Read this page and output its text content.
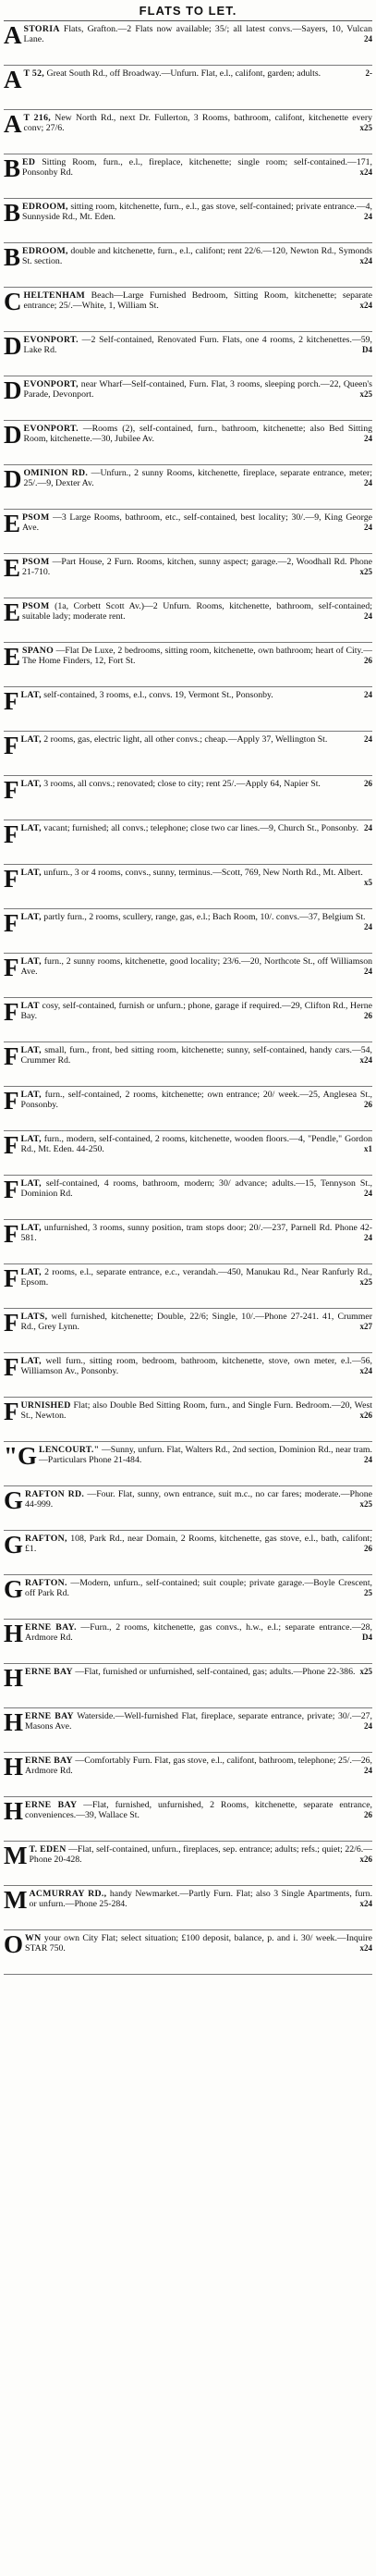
FLATS TO LET.
ASTORIA Flats, Grafton.—2 Flats now available; 35/; all latest convs.—Sayers, 10, Vulcan Lane.	24
A T 52, Great South Rd., off Broadway.—Unfurn. Flat, e.l., califont, garden; adults.	2-
A T 216, New North Rd., next Dr. Fullerton, 3 Rooms, bathroom, califont, kitchenette every conv; 27/6.	x25
BED Sitting Room, furn., e.l., fireplace, kitchenette; single room; self-contained.—171, Ponsonby Rd.	x24
BEDROOM, sitting room, kitchenette, furn., e.l., gas stove, self-contained; private entrance.—4, Sunnyside Rd., Mt. Eden.	24
BEDROOM, double and kitchenette, furn., e.l., califont; rent 22/6.—120, Newton Rd., Symonds St. section.	x24
CHELTENHAM Beach—Large Furnished Bedroom, Sitting Room, kitchenette; separate entrance; 25/.—White, 1, William St.	x24
DEVONPORT. —2 Self-contained, Renovated Furn. Flats, one 4 rooms, 2 kitchenettes.—59, Lake Rd.	D4
DEVONPORT, near Wharf—Self-contained, Furn. Flat, 3 rooms, sleeping porch.—22, Queen's Parade, Devonport.	x25
DEVONPORT. —Rooms (2), self-contained, furn., bathroom, kitchenette; also Bed Sitting Room, kitchenette.—30, Jubilee Av.	24
DOMINION RD. —Unfurn., 2 sunny Rooms, kitchenette, fireplace, separate entrance, meter; 25/.—9, Dexter Av.	24
EPSOM —3 Large Rooms, bathroom, etc., self-contained, best locality; 30/.—9, King George Ave.	24
EPSOM —Part House, 2 Furn. Rooms, kitchen, sunny aspect; garage.—2, Woodhall Rd. Phone 21-710.	x25
EPSOM (1a, Corbett Scott Av.)—2 Unfurn. Rooms, kitchenette, bathroom, self-contained; suitable lady; moderate rent.	24
ESPANO —Flat De Luxe, 2 bedrooms, sitting room, kitchenette, own bathroom; heart of City.—The Home Finders, 12, Fort St.	26
FLAT, self-contained, 3 rooms, e.l., convs. 19, Vermont St., Ponsonby.	24
FLAT, 2 rooms, gas, electric light, all other convs.; cheap.—Apply 37, Wellington St.	24
FLAT, 3 rooms, all convs.; renovated; close to city; rent 25/.—Apply 64, Napier St.	26
FLAT, vacant; furnished; all convs.; telephone; close two car lines.—9, Church St., Ponsonby. 24
FLAT, unfurn., 3 or 4 rooms, convs., sunny, terminus.—Scott, 769, New North Rd., Mt. Albert.
x5
FLAT, partly furn., 2 rooms, scullery, range, gas, e.l.; Bach Room, 10/. convs.—37, Belgium St.
24
FLAT, furn., 2 sunny rooms, kitchenette, good locality; 23/6.—20, Northcote St., off Williamson Ave.	24
FLAT cosy, self-contained, furnish or unfurn.; phone, garage if required.—29, Clifton Rd., Herne Bay.	26
FLAT, small, furn., front, bed sitting room, kitchenette; sunny, self-contained, handy cars.—54, Crummer Rd.	x24
FLAT, furn., self-contained, 2 rooms, kitchenette; own entrance; 20/ week.—25, Anglesea St., Ponsonby.	26
FLAT, furn., modern, self-contained, 2 rooms, kitchenette, wooden floors.—4, "Pendle," Gordon Rd., Mt. Eden. 44-250.	x1
FLAT, self-contained, 4 rooms, bathroom, modern; 30/ advance; adults.—15, Tennyson St., Dominion Rd.	24
FLAT, unfurnished, 3 rooms, sunny position, tram stops door; 20/.—237, Parnell Rd. Phone 42-581.	24
FLAT, 2 rooms, e.l., separate entrance, e.c., verandah.—450, Manukau Rd., Near Ranfurly Rd., Epsom.	x25
FLATS, well furnished, kitchenette; Double, 22/6; Single, 10/.—Phone 27-241. 41, Crummer Rd., Grey Lynn.	x27
FLAT, well furn., sitting room, bedroom, bathroom, kitchenette, stove, own meter, e.l.—56, Williamson Av., Ponsonby.	x24
FURNISHED Flat; also Double Bed Sitting Room, furn., and Single Furn. Bedroom.—20, West St., Newton.	x26
"GLENCOURT." —Sunny, unfurn. Flat, Walters Rd., 2nd section, Dominion Rd., near tram.—Particulars Phone 21-484.	24
GRAFTON RD. —Four. Flat, sunny, own entrance, suit m.c., no car fares; moderate.—Phone 44-999.	x25
GRAFTON, 108, Park Rd., near Domain, 2 Rooms, kitchenette, gas stove, e.l., bath, califont; £1.	26
GRAFTON. —Modern, unfurn., self-contained; suit couple; private garage.—Boyle Crescent, off Park Rd.	25
HERNE BAY. —Furn., 2 rooms, kitchenette, gas convs., h.w., e.l.; separate entrance.—28, Ardmore Rd.	D4
HERNE BAY —Flat, furnished or unfurnished, self-contained, gas; adults.—Phone 22-386. x25
HERNE BAY Waterside.—Well-furnished Flat, fireplace, separate entrance, private; 30/.—27, Masons Ave.	24
HERNE BAY —Comfortably Furn. Flat, gas stove, e.l., califont, bathroom, telephone; 25/.—26, Ardmore Rd.	24
HERNE BAY —Flat, furnished, unfurnished, 2 Rooms, kitchenette, separate entrance, conveniences.—39, Wallace St.	26
M T. EDEN —Flat, self-contained, unfurn., fireplaces, sep. entrance; adults; refs.; quiet; 22/6.—Phone 20-428.	x26
MACMURRAY RD., handy Newmarket.—Partly Furn. Flat; also 3 Single Apartments, furn. or unfurn.—Phone 25-284.	x24
OWN your own City Flat; select situation; £100 deposit, balance, p. and i. 30/ week.—Inquire STAR 750.	x24
